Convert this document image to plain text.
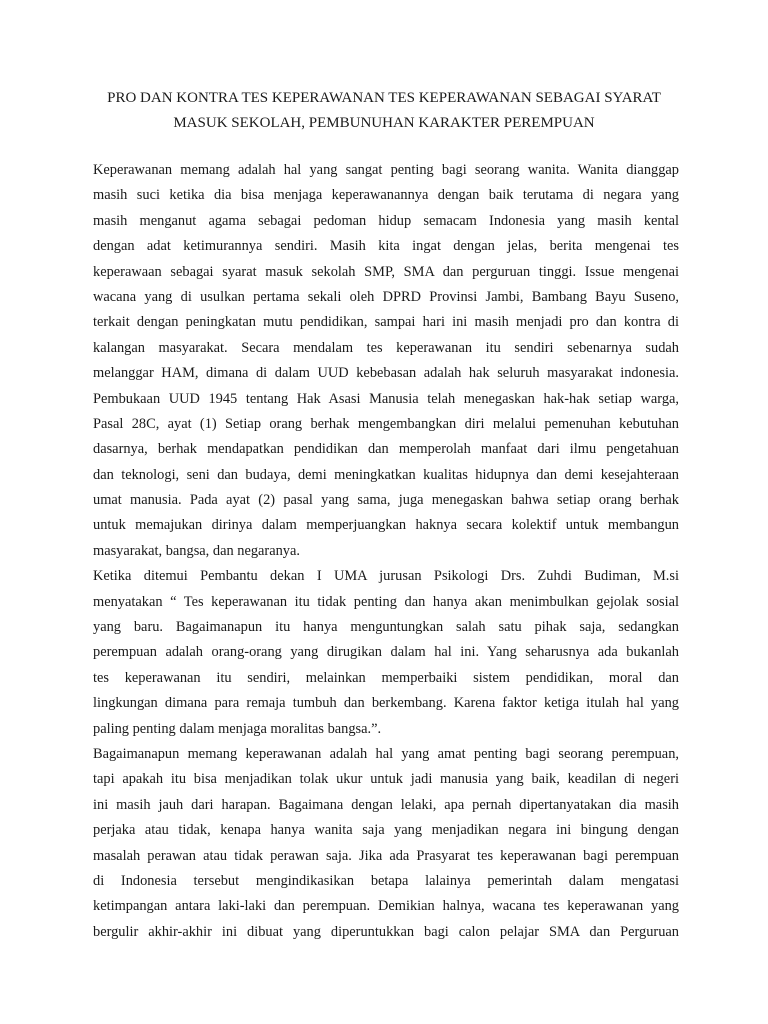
PRO DAN KONTRA TES KEPERAWANAN TES KEPERAWANAN SEBAGAI SYARAT
MASUK SEKOLAH, PEMBUNUHAN KARAKTER PEREMPUAN
Keperawanan memang adalah hal yang sangat penting bagi seorang wanita. Wanita dianggap
masih suci ketika dia bisa menjaga keperawanannya dengan baik terutama di negara yang
masih menganut agama sebagai pedoman hidup semacam Indonesia yang masih kental
dengan adat ketimurannya sendiri. Masih kita ingat dengan jelas, berita mengenai tes
keperawaan sebagai syarat masuk sekolah SMP, SMA dan perguruan tinggi. Issue mengenai
wacana yang di usulkan pertama sekali oleh DPRD Provinsi Jambi, Bambang Bayu Suseno,
terkait dengan peningkatan mutu pendidikan, sampai hari ini masih menjadi pro dan kontra di
kalangan masyarakat. Secara mendalam tes keperawanan itu sendiri sebenarnya sudah
melanggar HAM, dimana di dalam UUD kebebasan adalah hak seluruh masyarakat indonesia.
Pembukaan UUD 1945 tentang Hak Asasi Manusia telah menegaskan hak-hak setiap warga,
Pasal 28C, ayat (1) Setiap orang berhak mengembangkan diri melalui pemenuhan kebutuhan
dasarnya, berhak mendapatkan pendidikan dan memperolah manfaat dari ilmu pengetahuan
dan teknologi, seni dan budaya, demi meningkatkan kualitas hidupnya dan demi kesejahteraan
umat manusia. Pada ayat (2) pasal yang sama, juga menegaskan bahwa setiap orang berhak
untuk memajukan dirinya dalam memperjuangkan haknya secara kolektif untuk membangun
masyarakat, bangsa, dan negaranya.
Ketika ditemui Pembantu dekan I UMA jurusan Psikologi Drs. Zuhdi Budiman, M.si
menyatakan “ Tes keperawanan itu tidak penting dan hanya akan menimbulkan gejolak sosial
yang baru. Bagaimanapun itu hanya menguntungkan salah satu pihak saja, sedangkan
perempuan adalah orang-orang yang dirugikan dalam hal ini. Yang seharusnya ada bukanlah
tes keperawanan itu sendiri, melainkan memperbaiki sistem pendidikan, moral dan
lingkungan dimana para remaja tumbuh dan berkembang. Karena faktor ketiga itulah hal yang
paling penting dalam menjaga moralitas bangsa.”.
Bagaimanapun memang keperawanan adalah hal yang amat penting bagi seorang perempuan,
tapi apakah itu bisa menjadikan tolak ukur untuk jadi manusia yang baik, keadilan di negeri
ini masih jauh dari harapan. Bagaimana dengan lelaki, apa pernah dipertanyatakan dia masih
perjaka atau tidak, kenapa hanya wanita saja yang menjadikan negara ini bingung dengan
masalah perawan atau tidak perawan saja. Jika ada Prasyarat tes keperawanan bagi perempuan
di Indonesia tersebut mengindikasikan betapa lalainya pemerintah dalam mengatasi
ketimpangan antara laki-laki dan perempuan. Demikian halnya, wacana tes keperawanan yang
bergulir akhir-akhir ini dibuat yang diperuntukkan bagi calon pelajar SMA dan Perguruan
